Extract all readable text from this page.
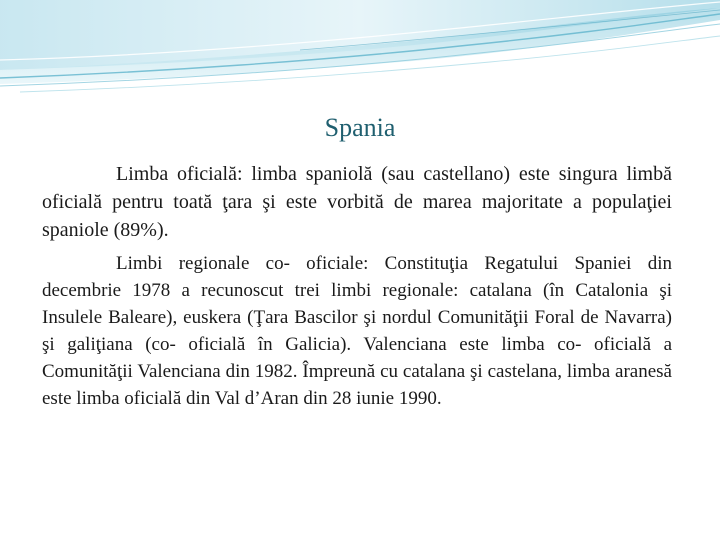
Spania

Limba oficială: limba spaniolă (sau castellano) este singura limbă oficială pentru toată ţara şi este vorbită de marea majoritate a populaţiei spaniole (89%).

Limbi regionale co- oficiale: Constituţia Regatului Spaniei din decembrie 1978 a recunoscut trei limbi regionale: catalana (în Catalonia şi Insulele Baleare), euskera (Ţara Bascilor şi nordul Comunităţii Foral de Navarra) şi galiţiana (co- oficială în Galicia). Valenciana este limba co- oficială a Comunităţii Valenciana din 1982. Împreună cu catalana şi castelana, limba aranesă este limba oficială din Val d’Aran din 28 iunie 1990.
